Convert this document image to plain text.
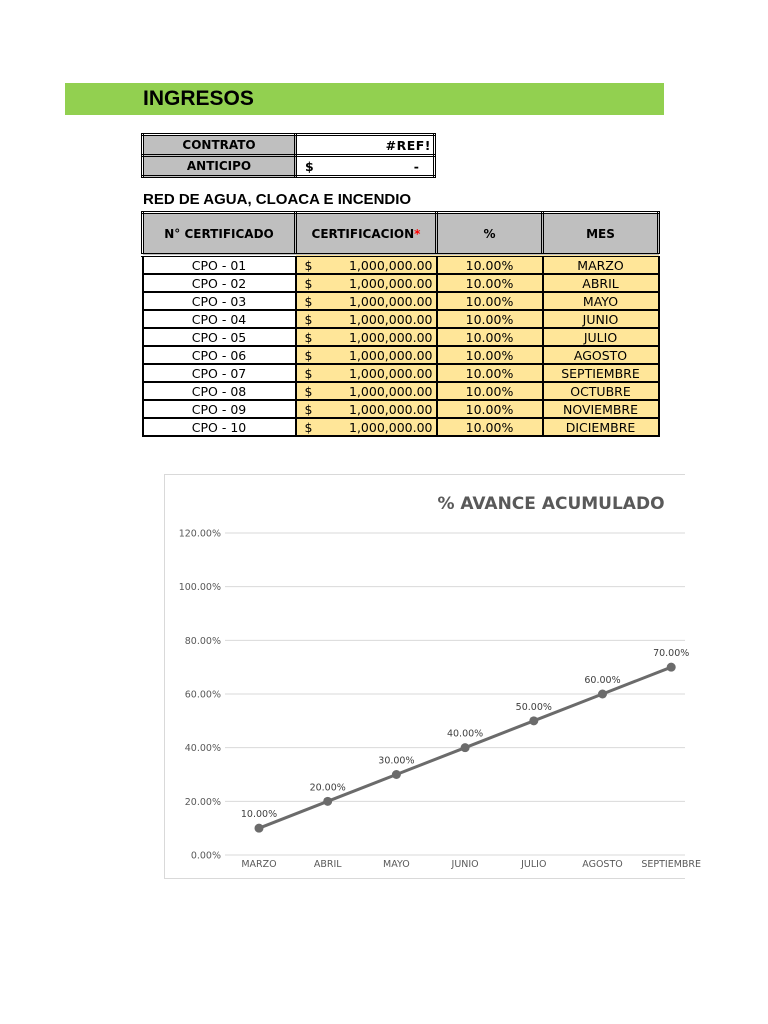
INGRESOS
CONTRATO	#REF!

ANTICIPO	$ -
RED DE AGUA, CLOACA E INCENDIO
N° CERTIFICADO	CERTIFICACION*	%	MES
CPO - 01	$ 1,000,000.00	10.00%	MARZO
CPO - 02	$ 1,000,000.00	10.00%	ABRIL
CPO - 03	$ 1,000,000.00	10.00%	MAYO
CPO - 04	$ 1,000,000.00	10.00%	JUNIO
CPO - 05	$ 1,000,000.00	10.00%	JULIO
CPO - 06	$ 1,000,000.00	10.00%	AGOSTO
CPO - 07	$ 1,000,000.00	10.00%	SEPTIEMBRE
CPO - 08	$ 1,000,000.00	10.00%	OCTUBRE
CPO - 09	$ 1,000,000.00	10.00%	NOVIEMBRE
CPO - 10	$ 1,000,000.00	10.00%	DICIEMBRE
% AVANCE ACUMULADO
0.00%
20.00%
40.00%
60.00%
80.00%
100.00%
120.00%
MARZO	ABRIL	MAYO	JUNIO	JULIO	AGOSTO SEPTIEMBRE
10.00%
20.00%
30.00%
40.00%
50.00%
60.00%
70.00%
